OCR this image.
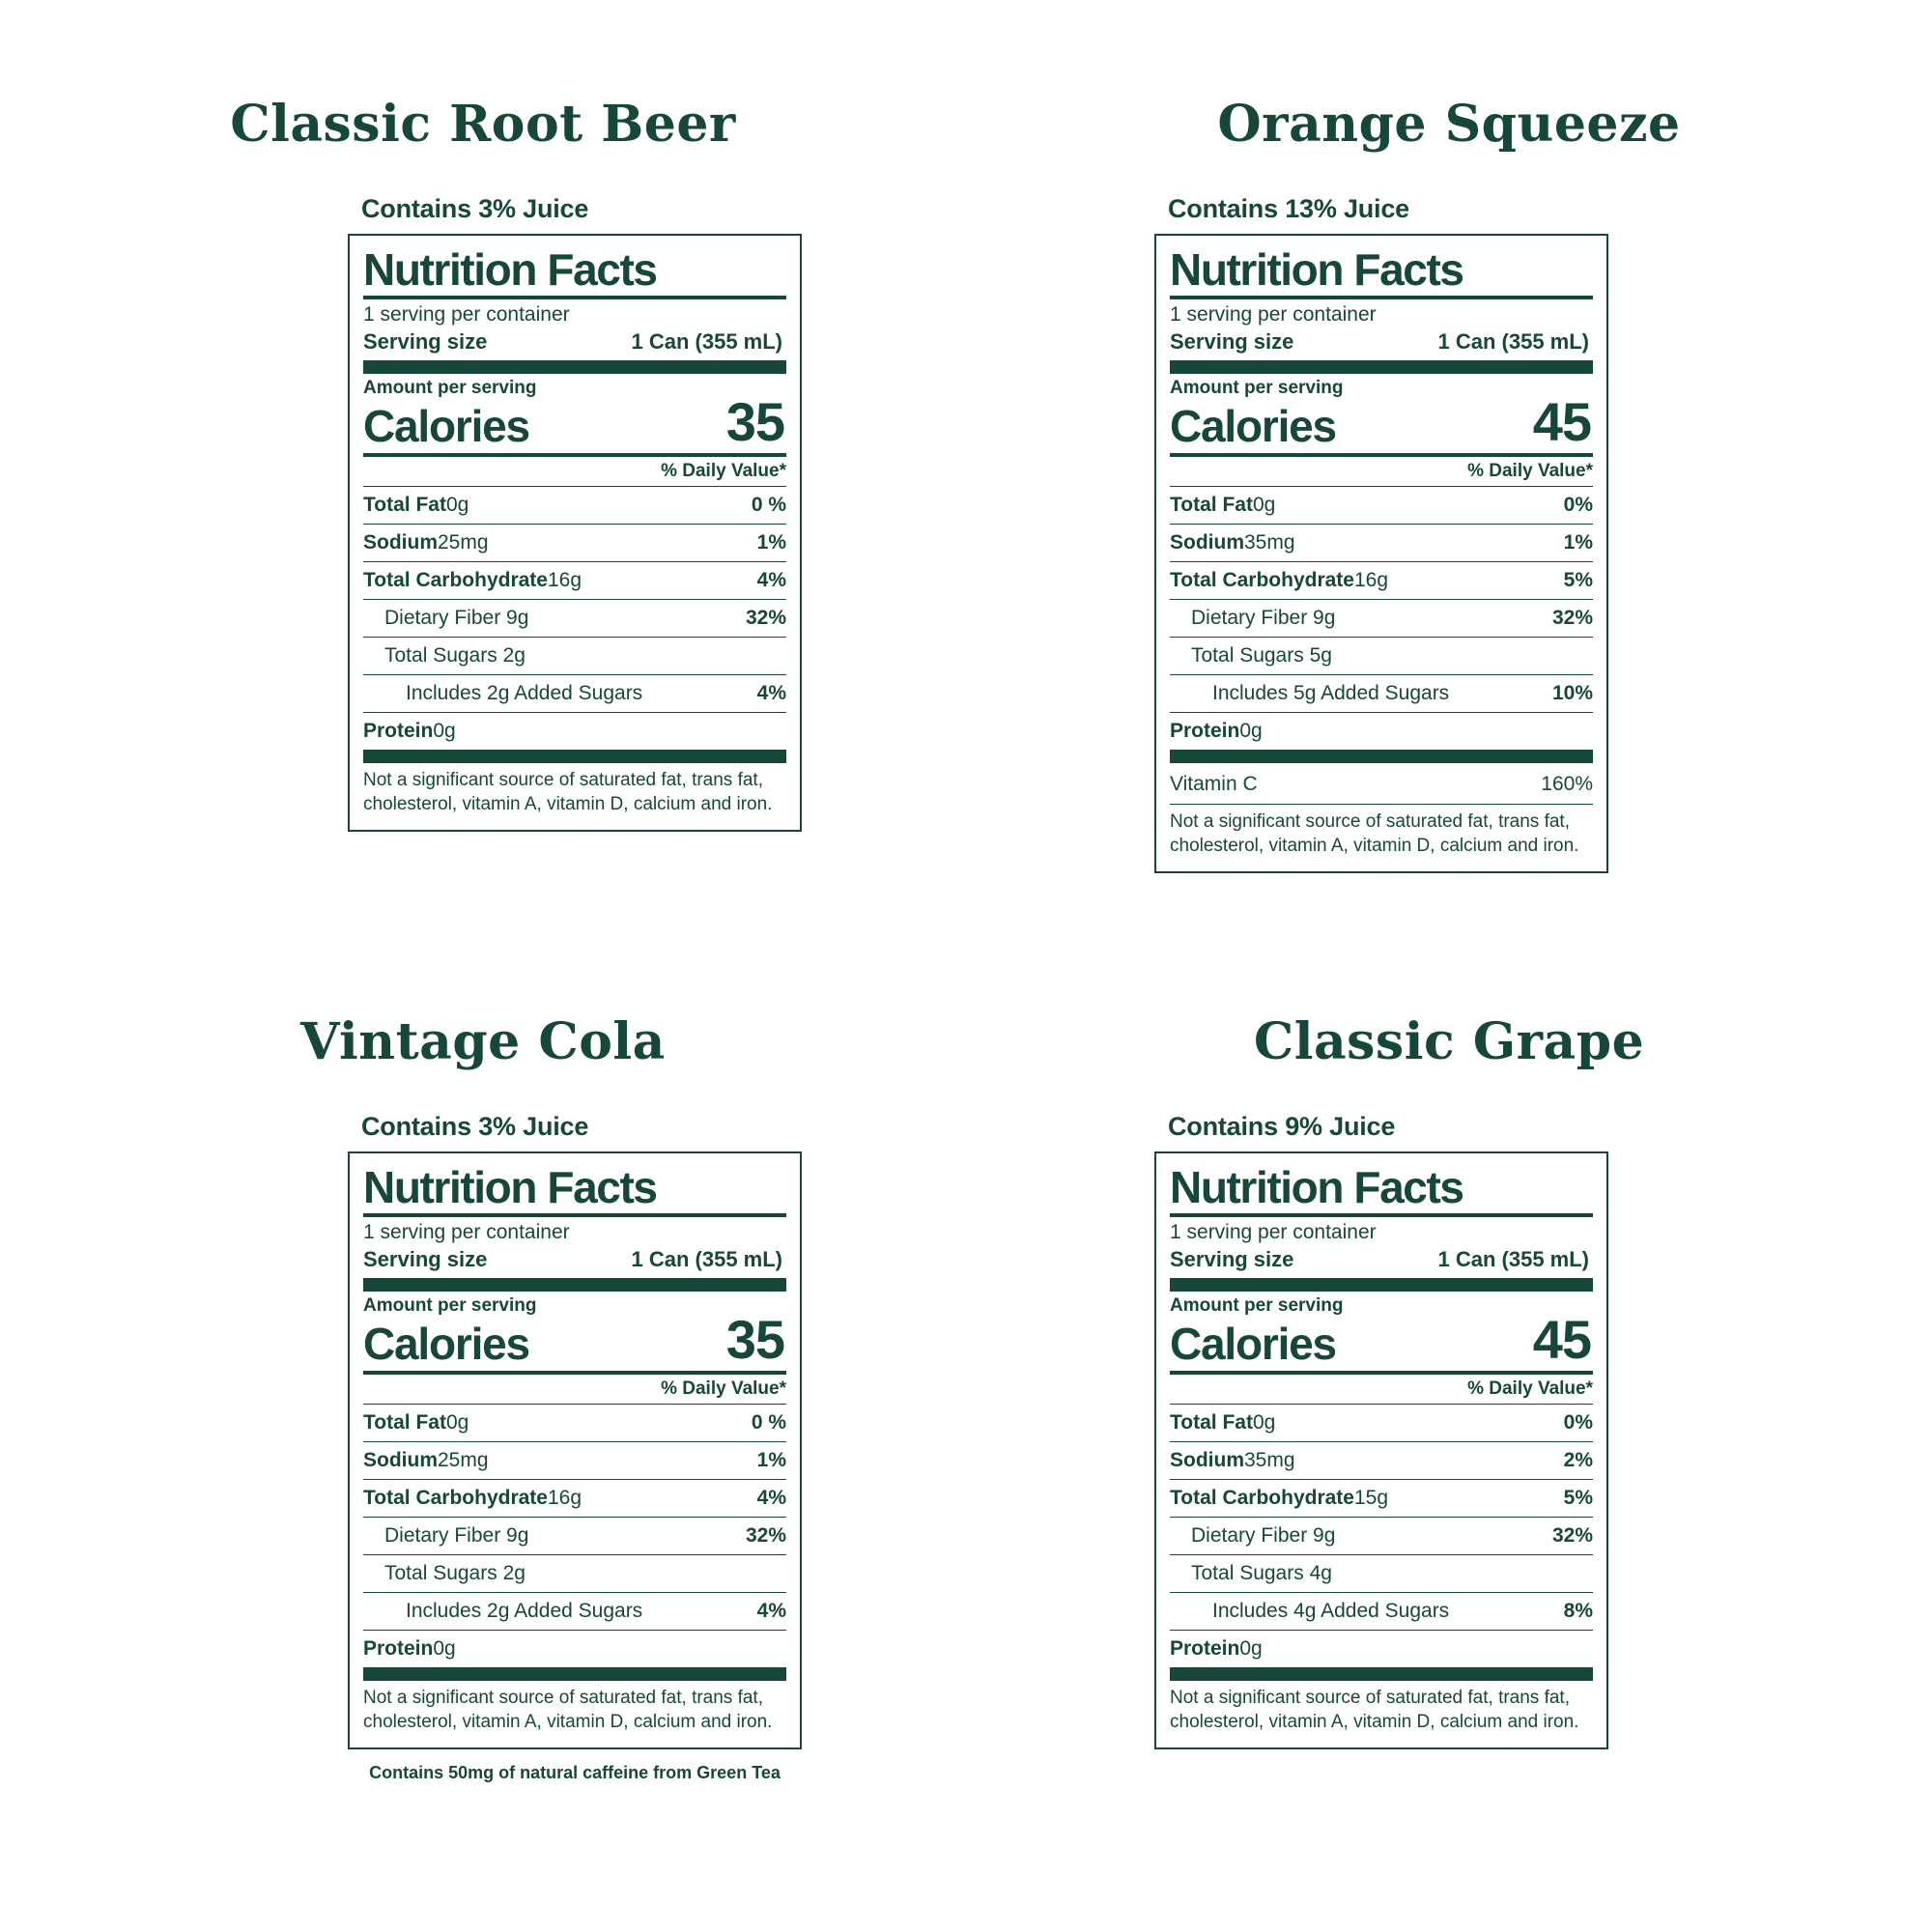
Classic Root Beer
Contains 3% Juice
Nutrition Facts
1 serving per container
Serving size	1 Can (355 mL)
Amount per serving
Calories	35
% Daily Value*
Total Fat0g	0 %
Sodium25mg	1%
Total Carbohydrate16g	4%
Dietary Fiber 9g	32%
Total Sugars 2g
Includes 2g Added Sugars	4%
Protein0g
Not a significant source of saturated fat, trans fat, cholesterol, vitamin A, vitamin D, calcium and iron.
Orange Squeeze
Contains 13% Juice
Nutrition Facts
1 serving per container
Serving size	1 Can (355 mL)
Amount per serving
Calories	45
% Daily Value*
Total Fat0g	0%
Sodium35mg	1%
Total Carbohydrate16g	5%
Dietary Fiber 9g	32%
Total Sugars 5g
Includes 5g Added Sugars	10%
Protein0g
Vitamin C	160%
Not a significant source of saturated fat, trans fat, cholesterol, vitamin A, vitamin D, calcium and iron.
Vintage Cola
Contains 3% Juice
Nutrition Facts
1 serving per container
Serving size	1 Can (355 mL)
Amount per serving
Calories	35
% Daily Value*
Total Fat0g	0 %
Sodium25mg	1%
Total Carbohydrate16g	4%
Dietary Fiber 9g	32%
Total Sugars 2g
Includes 2g Added Sugars	4%
Protein0g
Not a significant source of saturated fat, trans fat, cholesterol, vitamin A, vitamin D, calcium and iron.
Contains 50mg of natural caffeine from Green Tea
Classic Grape
Contains 9% Juice
Nutrition Facts
1 serving per container
Serving size	1 Can (355 mL)
Amount per serving
Calories	45
% Daily Value*
Total Fat0g	0%
Sodium35mg	2%
Total Carbohydrate15g	5%
Dietary Fiber 9g	32%
Total Sugars 4g
Includes 4g Added Sugars	8%
Protein0g
Not a significant source of saturated fat, trans fat, cholesterol, vitamin A, vitamin D, calcium and iron.
